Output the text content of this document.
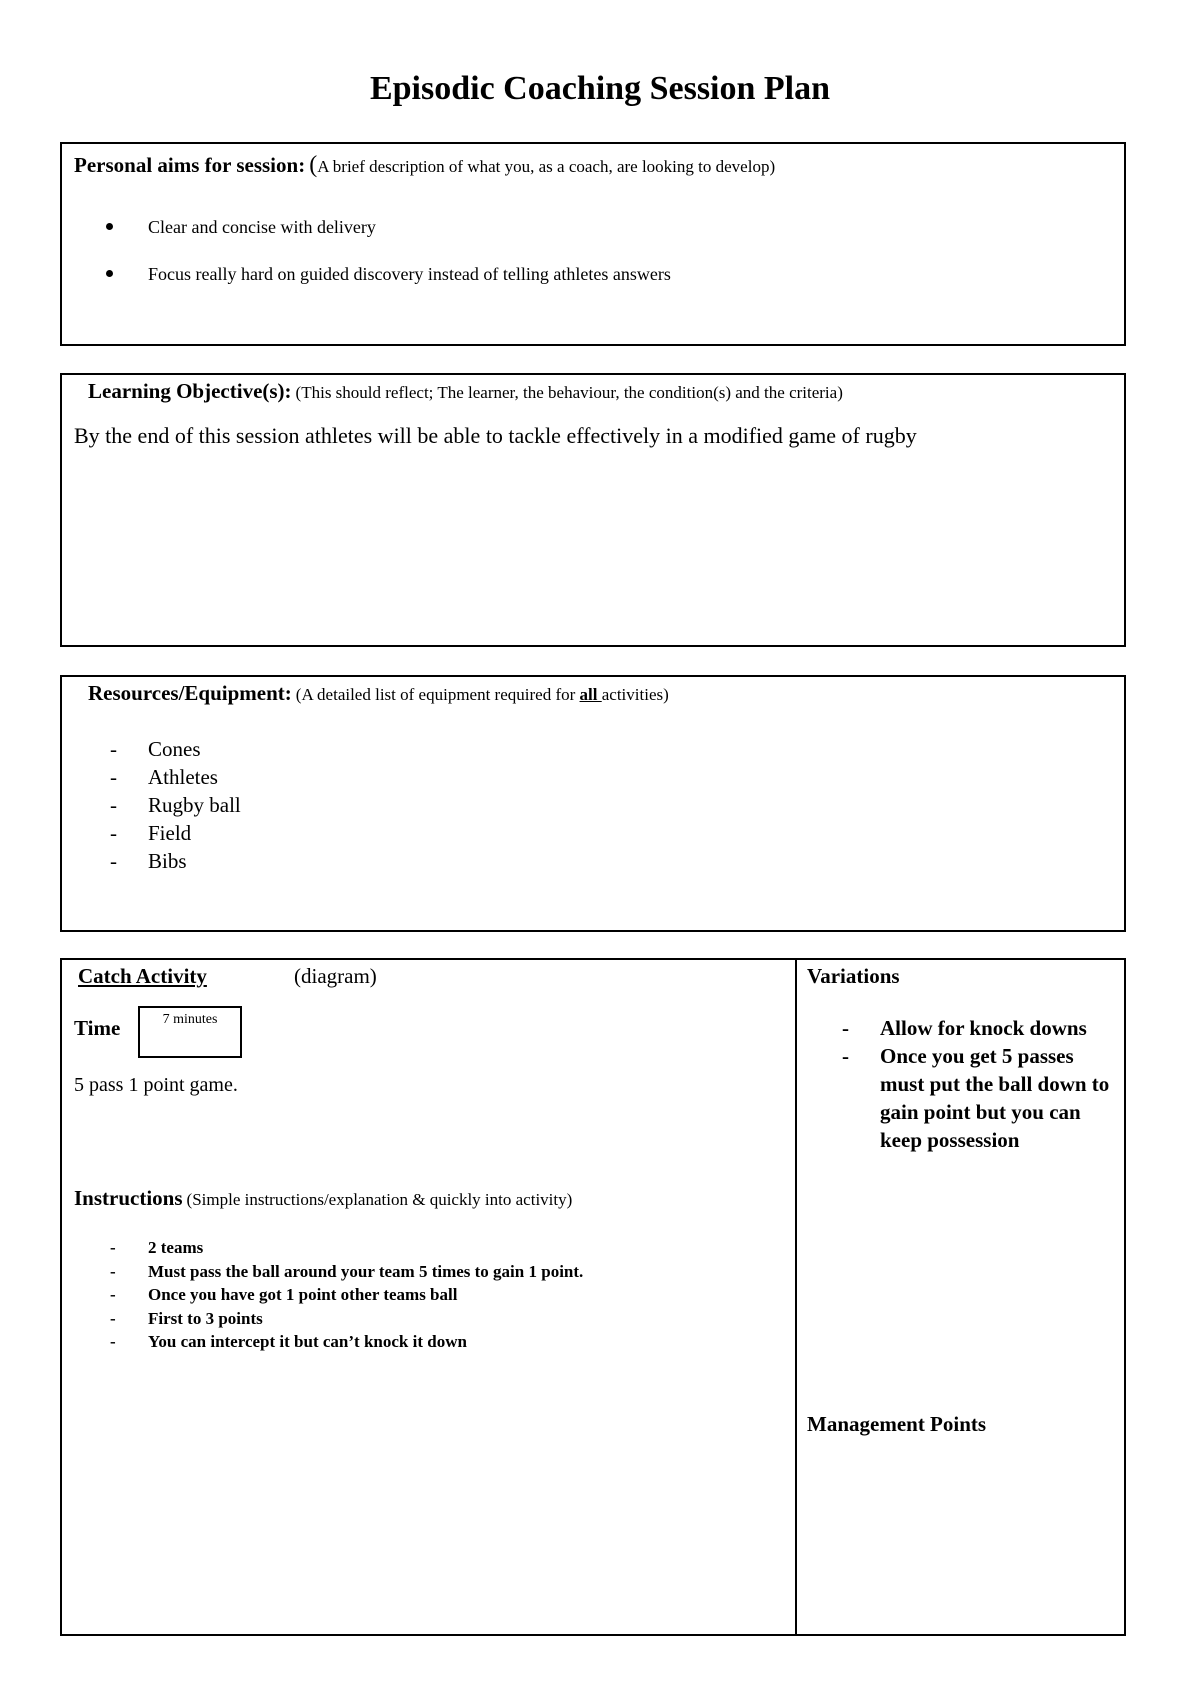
Episodic Coaching Session Plan
Personal aims for session: (A brief description of what you, as a coach, are looking to develop)
Clear and concise with delivery
Focus really hard on guided discovery instead of telling athletes answers
Learning Objective(s): (This should reflect; The learner, the behaviour, the condition(s) and the criteria)
By the end of this session athletes will be able to tackle effectively in a modified game of rugby
Resources/Equipment: (A detailed list of equipment required for all activities)
- Cones
- Athletes
- Rugby ball
- Field
- Bibs
Catch Activity	(diagram)
Time	7 minutes
5 pass 1 point game.
Instructions (Simple instructions/explanation & quickly into activity)
- 2 teams
- Must pass the ball around your team 5 times to gain 1 point.
- Once you have got 1 point other teams ball
- First to 3 points
- You can intercept it but can’t knock it down
Variations
- Allow for knock downs
- Once you get 5 passes must put the ball down to gain point but you can keep possession
Management Points
